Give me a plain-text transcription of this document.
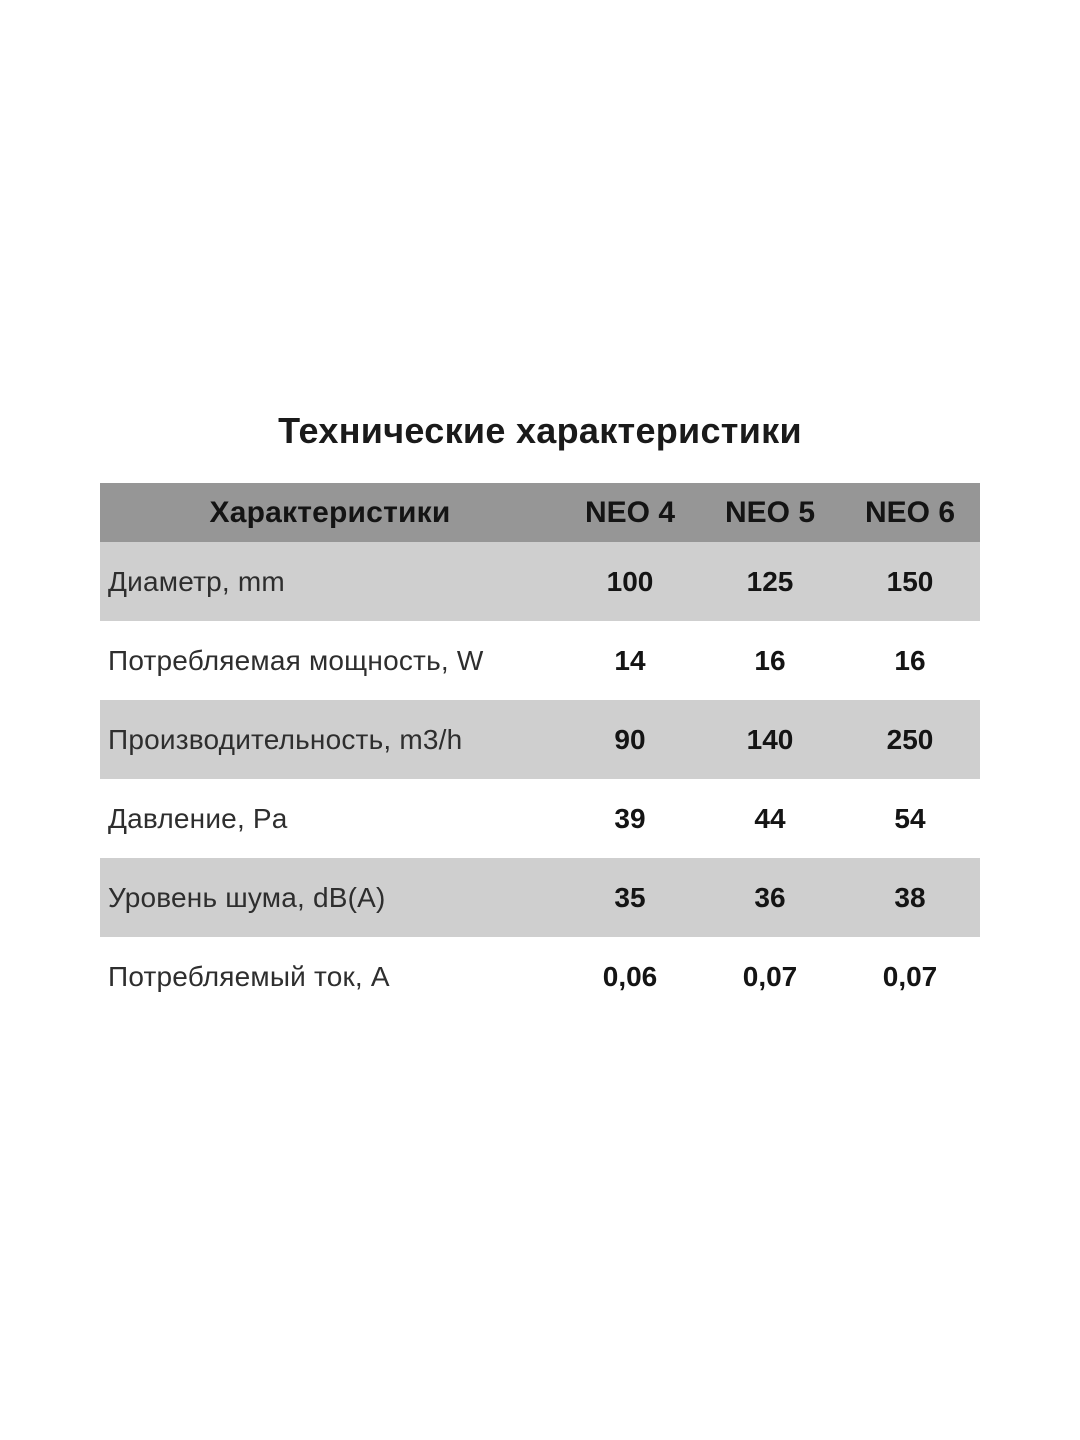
Технические характеристики
Характеристики	NEO 4	NEO 5	NEO 6
Диаметр, mm	100	125	150
Потребляемая мощность, W	14	16	16
Производительность, m3/h	90	140	250
Давление, Pa	39	44	54
Уровень шума, dB(A)	35	36	38
Потребляемый ток, A	0,06	0,07	0,07
